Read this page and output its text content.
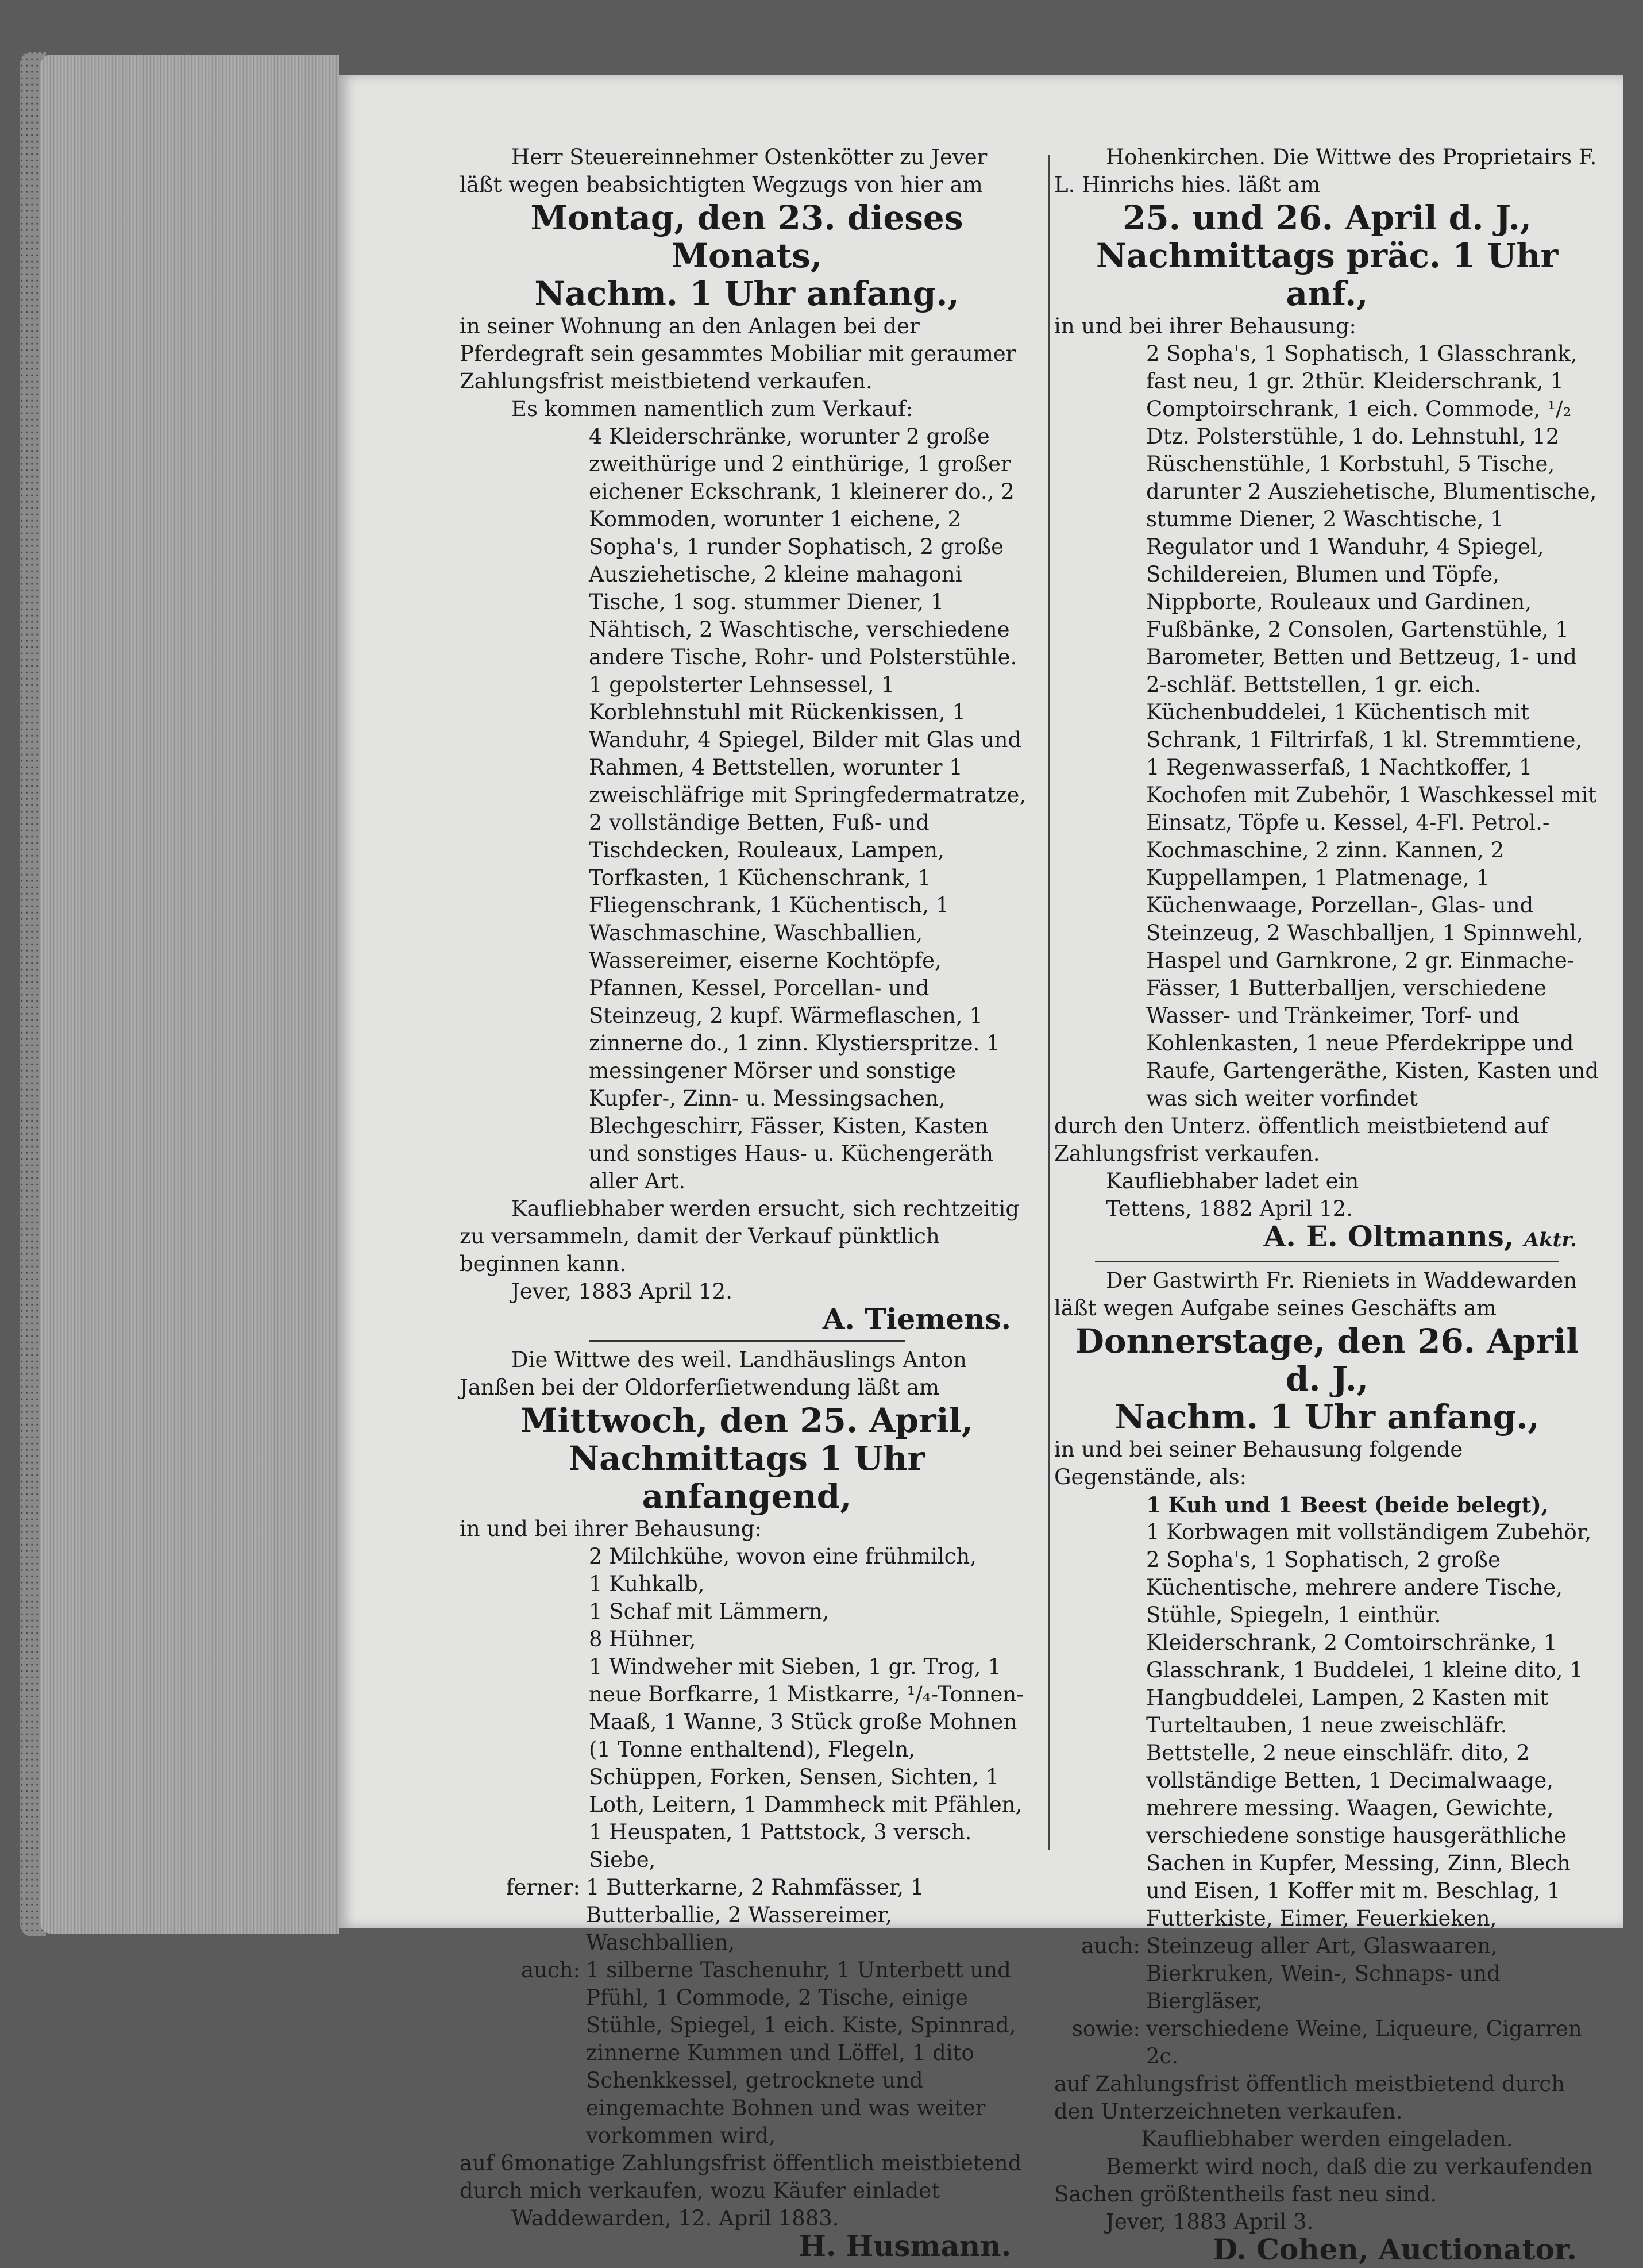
Herr Steuereinnehmer Ostenkötter zu Jever läßt wegen beabsichtigten Wegzugs von hier am

Montag, den 23. dieses Monats,

Nachm. 1 Uhr anfang.,

in seiner Wohnung an den Anlagen bei der Pferdegraft sein gesammtes Mobiliar mit geraumer Zahlungsfrist meistbietend verkaufen.

Es kommen namentlich zum Verkauf:

4 Kleiderschränke, worunter 2 große zweithürige und 2 einthürige, 1 großer eichener Eckschrank, 1 kleinerer do., 2 Kommoden, worunter 1 eichene, 2 Sopha's, 1 runder Sophatisch, 2 große Ausziehetische, 2 kleine mahagoni Tische, 1 sog. stummer Diener, 1 Nähtisch, 2 Waschtische, verschiedene andere Tische, Rohr- und Polsterstühle. 1 gepolsterter Lehnsessel, 1 Korblehnstuhl mit Rückenkissen, 1 Wanduhr, 4 Spiegel, Bilder mit Glas und Rahmen, 4 Bettstellen, worunter 1 zweischläfrige mit Springfedermatratze, 2 vollständige Betten, Fuß- und Tischdecken, Rouleaux, Lampen, Torfkasten, 1 Küchenschrank, 1 Fliegenschrank, 1 Küchentisch, 1 Waschmaschine, Waschballien, Wassereimer, eiserne Kochtöpfe, Pfannen, Kessel, Porcellan- und Steinzeug, 2 kupf. Wärmeflaschen, 1 zinnerne do., 1 zinn. Klystierspritze. 1 messingener Mörser und sonstige Kupfer-, Zinn- u. Messingsachen, Blechgeschirr, Fässer, Kisten, Kasten und sonstiges Haus- u. Küchengeräth aller Art.

Kaufliebhaber werden ersucht, sich rechtzeitig zu versammeln, damit der Verkauf pünktlich beginnen kann.

Jever, 1883 April 12.

A. Tiemens.

Die Wittwe des weil. Landhäuslings Anton Janßen bei der Oldorferſietwendung läßt am

Mittwoch, den 25. April,

Nachmittags 1 Uhr anfangend,

in und bei ihrer Behausung:

2 Milchkühe, wovon eine frühmilch,

1 Kuhkalb,

1 Schaf mit Lämmern,

8 Hühner,

1 Windweher mit Sieben, 1 gr. Trog, 1 neue Borfkarre, 1 Mistkarre, ¹/₄-Tonnen-Maaß, 1 Wanne, 3 Stück große Mohnen (1 Tonne enthaltend), Flegeln, Schüppen, Forken, Sensen, Sichten, 1 Loth, Leitern, 1 Dammheck mit Pfählen, 1 Heuspaten, 1 Pattstock, 3 versch. Siebe,

ferner: 1 Butterkarne, 2 Rahmfässer, 1 Butterballie, 2 Wassereimer, Waschballien,
auch: 1 silberne Taschenuhr, 1 Unterbett und Pfühl, 1 Commode, 2 Tische, einige Stühle, Spiegel, 1 eich. Kiste, Spinnrad, zinnerne Kummen und Löffel, 1 dito Schenkkessel, getrocknete und eingemachte Bohnen und was weiter vorkommen wird,

auf 6monatige Zahlungsfrist öffentlich meistbietend durch mich verkaufen, wozu Käufer einladet

Waddewarden, 12. April 1883.

H. Husmann.

Hohenkirchen. Die Wittwe des Proprietairs F. L. Hinrichs hies. läßt am

25. und 26. April d. J.,

Nachmittags präc. 1 Uhr anf.,

in und bei ihrer Behausung:

2 Sopha's, 1 Sophatisch, 1 Glasschrank, fast neu, 1 gr. 2thür. Kleiderschrank, 1 Comptoirschrank, 1 eich. Commode, ¹/₂ Dtz. Polsterstühle, 1 do. Lehnstuhl, 12 Rüschenstühle, 1 Korbstuhl, 5 Tische, darunter 2 Ausziehetische, Blumentische, stumme Diener, 2 Waschtische, 1 Regulator und 1 Wanduhr, 4 Spiegel, Schildereien, Blumen und Töpfe, Nippborte, Rouleaux und Gardinen, Fußbänke, 2 Consolen, Gartenstühle, 1 Barometer, Betten und Bettzeug, 1- und 2-schläf. Bettstellen, 1 gr. eich. Küchenbuddelei, 1 Küchentisch mit Schrank, 1 Filtrirfaß, 1 kl. Stremmtiene, 1 Regenwasserfaß, 1 Nachtkoffer, 1 Kochofen mit Zubehör, 1 Waschkessel mit Einsatz, Töpfe u. Kessel, 4-Fl. Petrol.-Kochmaschine, 2 zinn. Kannen, 2 Kuppellampen, 1 Platmenage, 1 Küchenwaage, Porzellan-, Glas- und Steinzeug, 2 Waschballjen, 1 Spinnwehl, Haspel und Garnkrone, 2 gr. Einmache-Fässer, 1 Butterballjen, verschiedene Wasser- und Tränkeimer, Torf- und Kohlenkasten, 1 neue Pferdekrippe und Raufe, Gartengeräthe, Kisten, Kasten und was sich weiter vorfindet

durch den Unterz. öffentlich meistbietend auf Zahlungsfrist verkaufen.

Kaufliebhaber ladet ein

Tettens, 1882 April 12.

A. E. Oltmanns, Aktr.

Der Gastwirth Fr. Rieniets in Waddewarden läßt wegen Aufgabe seines Geschäfts am

Donnerstage, den 26. April d. J.,

Nachm. 1 Uhr anfang.,

in und bei seiner Behausung folgende Gegenstände, als:

1 Kuh und 1 Beest (beide belegt),

1 Korbwagen mit vollständigem Zubehör, 2 Sopha's, 1 Sophatisch, 2 große Küchentische, mehrere andere Tische, Stühle, Spiegeln, 1 einthür. Kleiderschrank, 2 Comtoirschränke, 1 Glasschrank, 1 Buddelei, 1 kleine dito, 1 Hangbuddelei, Lampen, 2 Kasten mit Turteltauben, 1 neue zweischläfr. Bettstelle, 2 neue einschläfr. dito, 2 vollständige Betten, 1 Decimalwaage, mehrere messing. Waagen, Gewichte, verschiedene sonstige hausgeräthliche Sachen in Kupfer, Messing, Zinn, Blech und Eisen, 1 Koffer mit m. Beschlag, 1 Futterkiste, Eimer, Feuerkieken,

auch: Steinzeug aller Art, Glaswaaren, Bierkruken, Wein-, Schnaps- und Biergläser,
sowie: verschiedene Weine, Liqueure, Cigarren 2c.

auf Zahlungsfrist öffentlich meistbietend durch den Unterzeichneten verkaufen.

Kaufliebhaber werden eingeladen.

Bemerkt wird noch, daß die zu verkaufenden Sachen größtentheils fast neu sind.

Jever, 1883 April 3.

D. Cohen, Auctionator.
